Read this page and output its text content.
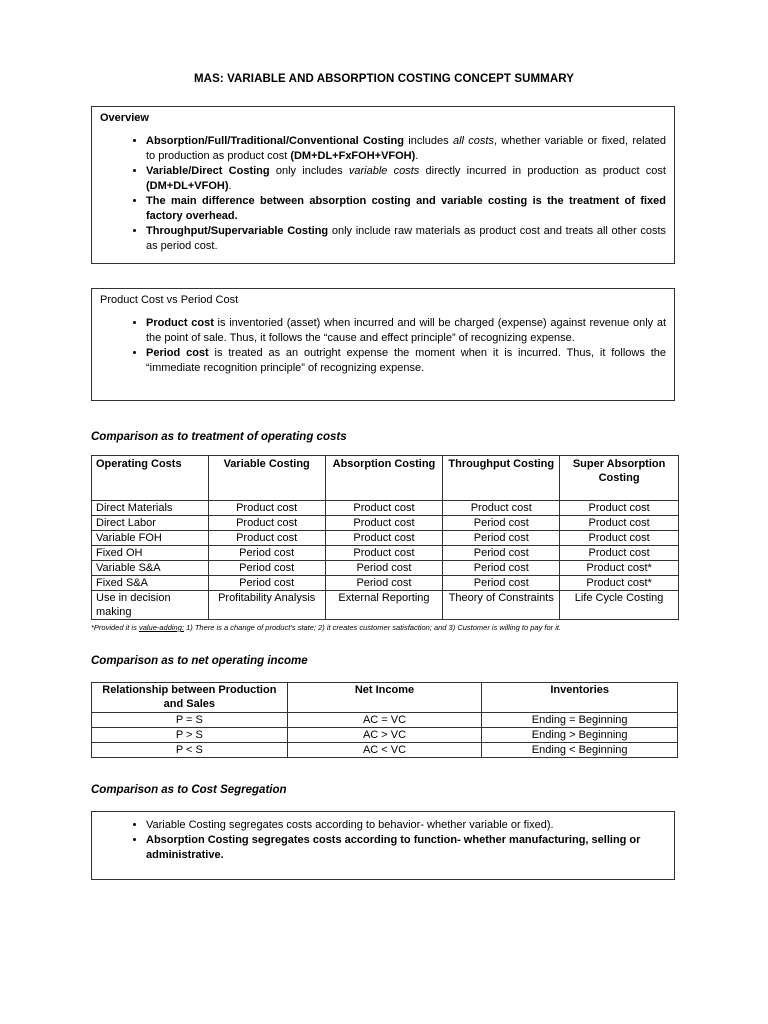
MAS: VARIABLE AND ABSORPTION COSTING CONCEPT SUMMARY
Overview
• Absorption/Full/Traditional/Conventional Costing includes all costs, whether variable or fixed, related to production as product cost (DM+DL+FxFOH+VFOH).
• Variable/Direct Costing only includes variable costs directly incurred in production as product cost (DM+DL+VFOH).
• The main difference between absorption costing and variable costing is the treatment of fixed factory overhead.
• Throughput/Supervariable Costing only include raw materials as product cost and treats all other costs as period cost.
Product Cost vs Period Cost
• Product cost is inventoried (asset) when incurred and will be charged (expense) against revenue only at the point of sale. Thus, it follows the “cause and effect principle” of recognizing expense.
• Period cost is treated as an outright expense the moment when it is incurred. Thus, it follows the “immediate recognition principle” of recognizing expense.
Comparison as to treatment of operating costs
Operating Costs	Variable Costing	Absorption Costing	Throughput Costing	Super Absorption Costing
Direct Materials	Product cost	Product cost	Product cost	Product cost
Direct Labor	Product cost	Product cost	Period cost	Product cost
Variable FOH	Product cost	Product cost	Period cost	Product cost
Fixed OH	Period cost	Product cost	Period cost	Product cost
Variable S&A	Period cost	Period cost	Period cost	Product cost*
Fixed S&A	Period cost	Period cost	Period cost	Product cost*
Use in decision making	Profitability Analysis	External Reporting	Theory of Constraints	Life Cycle Costing
*Provided it is value-adding: 1) There is a change of product’s state; 2) it creates customer satisfaction; and 3) Customer is willing to pay for it.
Comparison as to net operating income
Relationship between Production and Sales	Net Income	Inventories
P = S	AC = VC	Ending = Beginning
P > S	AC > VC	Ending > Beginning
P < S	AC < VC	Ending < Beginning
Comparison as to Cost Segregation
• Variable Costing segregates costs according to behavior- whether variable or fixed).
• Absorption Costing segregates costs according to function- whether manufacturing, selling or administrative.
